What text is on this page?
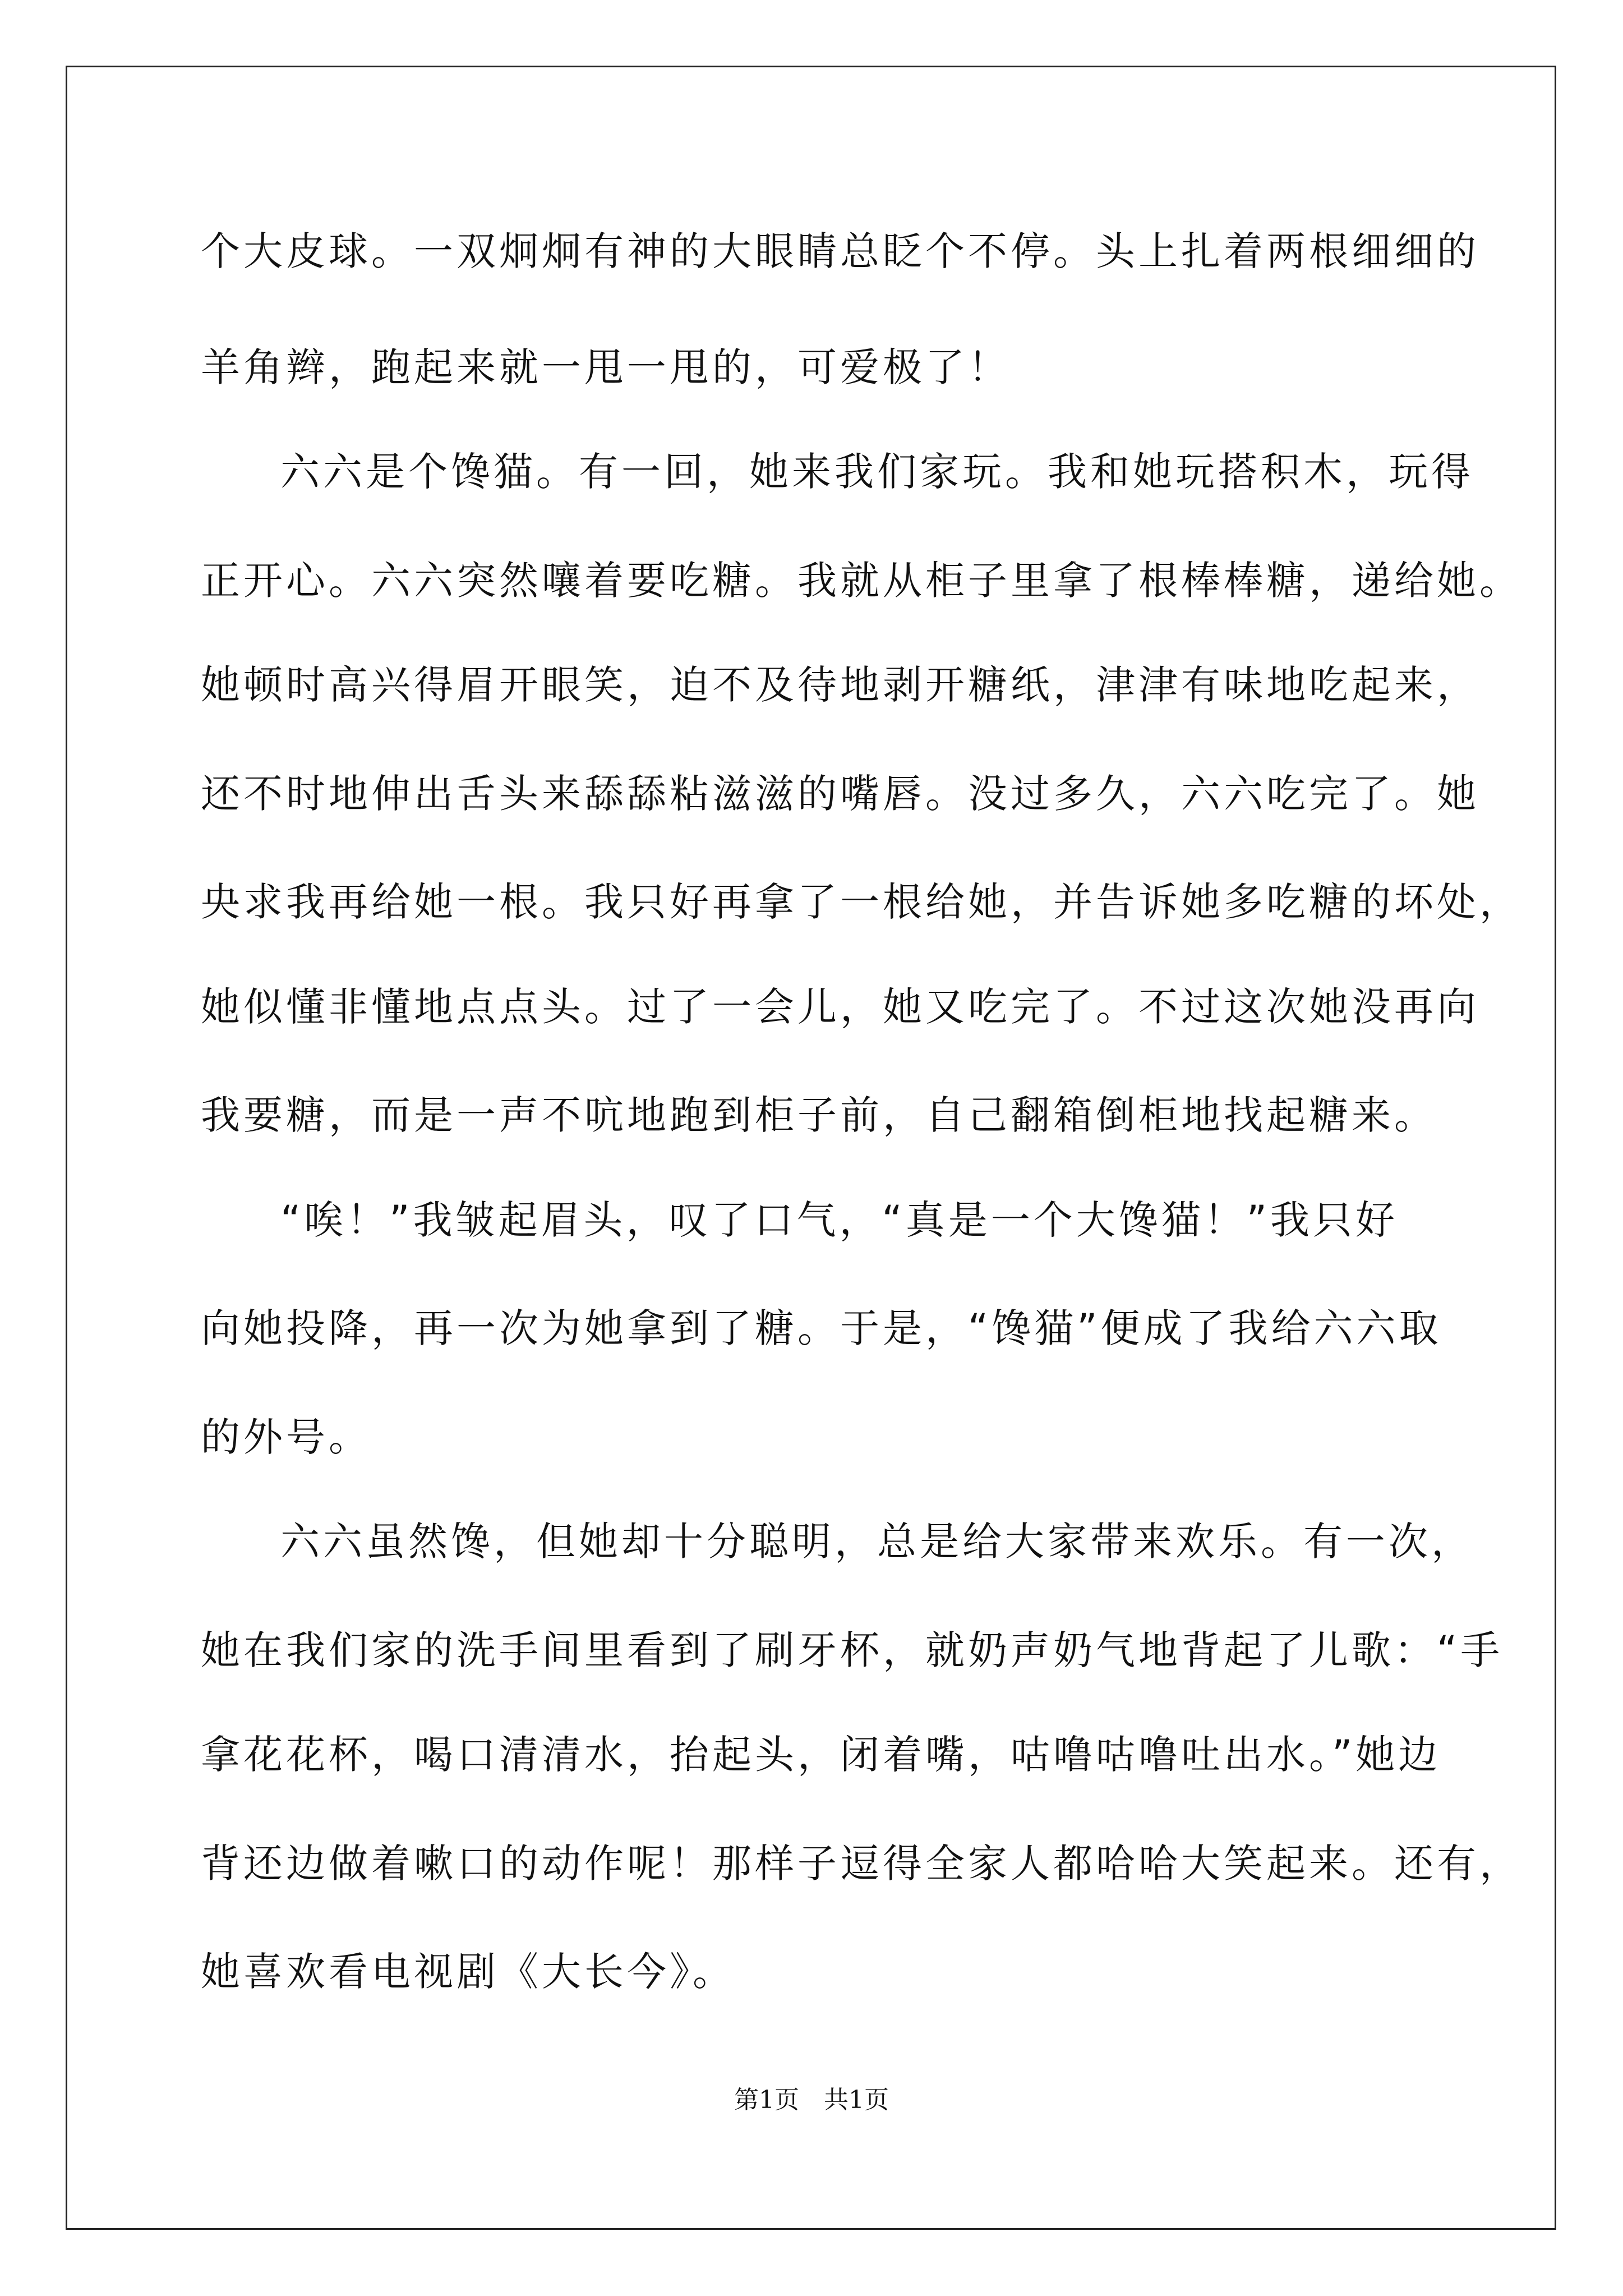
个大皮球。一双炯炯有神的大眼睛总眨个不停。头上扎着两根细细的
羊角辫，跑起来就一甩一甩的，可爱极了！
六六是个馋猫。有一回，她来我们家玩。我和她玩搭积木，玩得
正开心。六六突然嚷着要吃糖。我就从柜子里拿了根棒棒糖，递给她。
她顿时高兴得眉开眼笑，迫不及待地剥开糖纸，津津有味地吃起来，
还不时地伸出舌头来舔舔粘滋滋的嘴唇。没过多久，六六吃完了。她
央求我再给她一根。我只好再拿了一根给她，并告诉她多吃糖的坏处，
她似懂非懂地点点头。过了一会儿，她又吃完了。不过这次她没再向
我要糖，而是一声不吭地跑到柜子前，自己翻箱倒柜地找起糖来。
“唉！”我皱起眉头，叹了口气，“真是一个大馋猫！”我只好
向她投降，再一次为她拿到了糖。于是，“馋猫”便成了我给六六取
的外号。
六六虽然馋，但她却十分聪明，总是给大家带来欢乐。有一次，
她在我们家的洗手间里看到了刷牙杯，就奶声奶气地背起了儿歌：“手
拿花花杯，喝口清清水，抬起头，闭着嘴，咕噜咕噜吐出水。”她边
背还边做着嗽口的动作呢！那样子逗得全家人都哈哈大笑起来。还有，
她喜欢看电视剧《大长今》。
第1页　共1页
